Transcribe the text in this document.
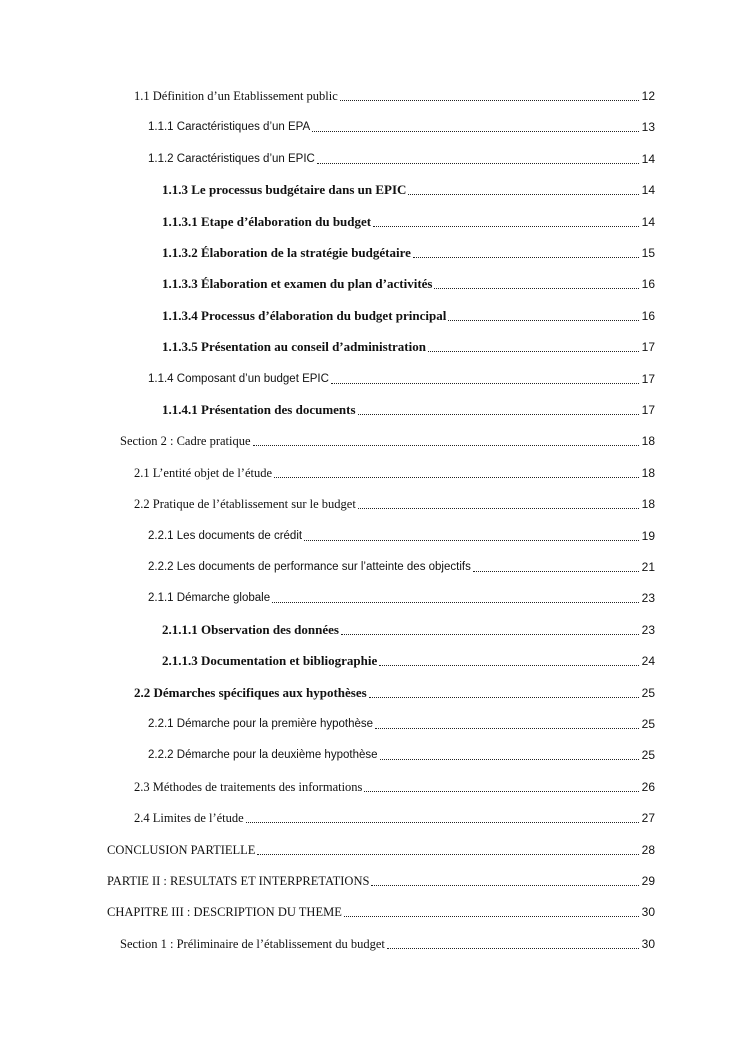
1.1 Définition d’un Etablissement public	12
1.1.1 Caractéristiques d’un EPA	13
1.1.2 Caractéristiques d’un EPIC	14
1.1.3 Le processus budgétaire dans un EPIC	14
1.1.3.1 Etape d’élaboration du budget	14
1.1.3.2 Élaboration de la stratégie budgétaire	15
1.1.3.3 Élaboration et examen du plan d’activités	16
1.1.3.4 Processus d’élaboration du budget principal	16
1.1.3.5 Présentation au conseil d’administration	17
1.1.4 Composant d’un budget EPIC	17
1.1.4.1 Présentation des documents	17
Section 2 : Cadre pratique	18
2.1 L’entité objet de l’étude	18
2.2 Pratique de l’établissement sur le budget	18
2.2.1 Les documents de crédit	19
2.2.2 Les documents de performance sur l’atteinte des objectifs	21
2.1.1 Démarche globale	23
2.1.1.1 Observation des données	23
2.1.1.3 Documentation et bibliographie	24
2.2 Démarches spécifiques aux hypothèses	25
2.2.1 Démarche pour la première hypothèse	25
2.2.2 Démarche pour la deuxième hypothèse	25
2.3 Méthodes de traitements des informations	26
2.4 Limites de l’étude	27
CONCLUSION PARTIELLE	28
PARTIE II : RESULTATS ET INTERPRETATIONS	29
CHAPITRE III : DESCRIPTION DU THEME	30
Section 1 : Préliminaire de l’établissement du budget	30
